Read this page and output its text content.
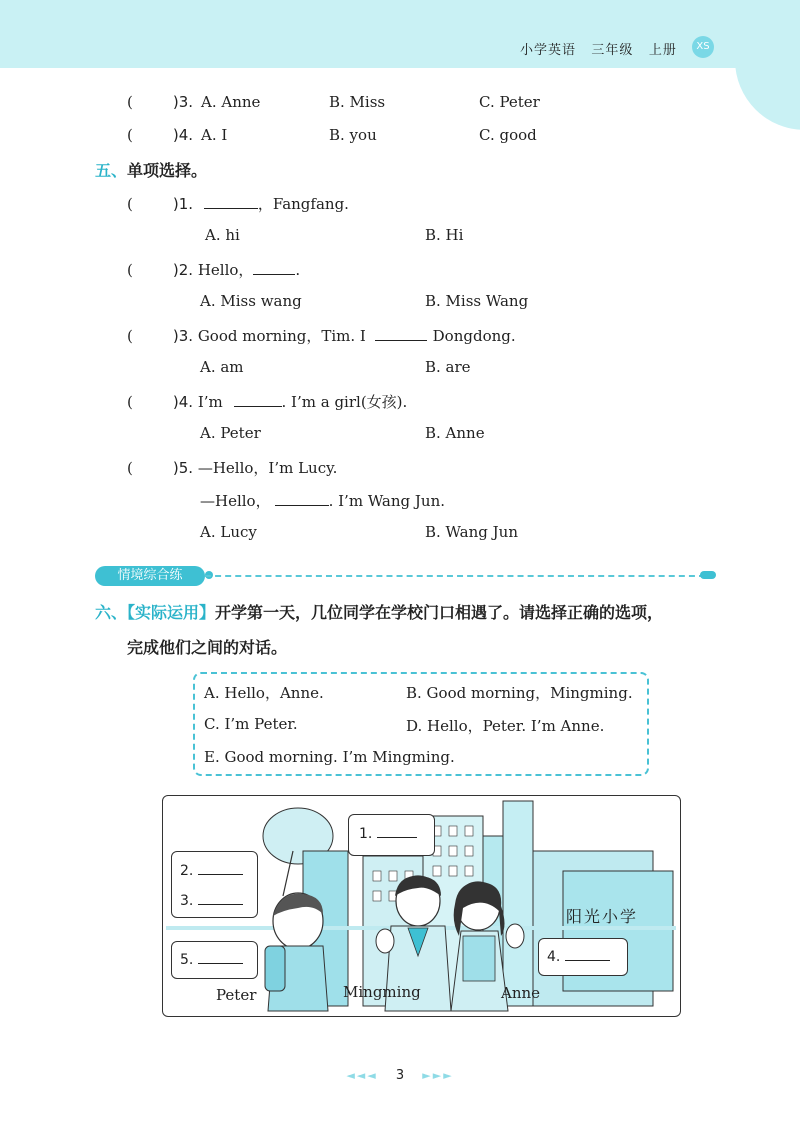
小学英语 三年级 上册	XS
(	)3. A. Anne	B. Miss	C. Peter
(	)4. A. I	B. you	C. good
五、单项选择。
(	)1.	，Fangfang.
A. hi	B. Hi
(	)2. Hello，	.
A. Miss wang	B. Miss Wang
(	)3. Good morning，Tim. I	Dongdong.
A. am	B. are
(	)4. I’m	. I’m a girl(女孩).
A. Peter	B. Anne
(	)5. —Hello，I’m Lucy.
—Hello，	. I’m Wang Jun.
A. Lucy	B. Wang Jun
情境综合练
六、【实际运用】开学第一天，几位同学在学校门口相遇了。请选择正确的选项，
完成他们之间的对话。
A. Hello，Anne.	B. Good morning，Mingming.
C. I’m Peter.	D. Hello，Peter. I’m Anne.
E. Good morning. I’m Mingming.
1.
2.
3.
5.	4.
阳光小学
Peter	Mingming	Anne
◄◄◄ 3 ►►►
